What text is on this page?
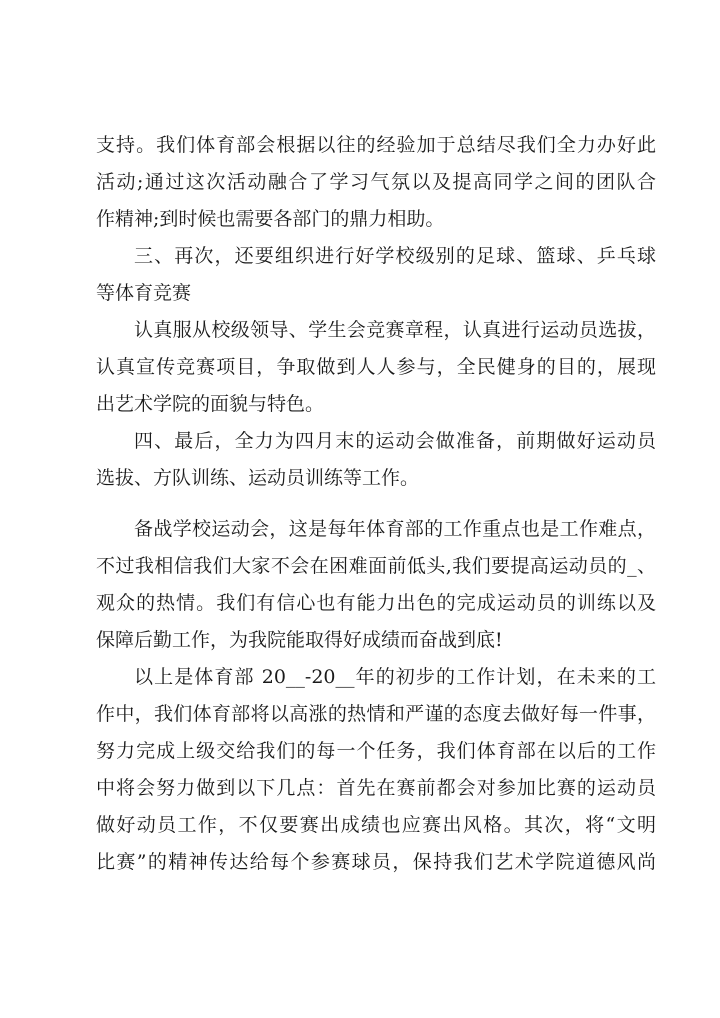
支持。我们体育部会根据以往的经验加于总结尽我们全力办好此
活动;通过这次活动融合了学习气氛以及提高同学之间的团队合
作精神;到时候也需要各部门的鼎力相助。
三、再次，还要组织进行好学校级别的足球、篮球、乒乓球
等体育竞赛
认真服从校级领导、学生会竞赛章程，认真进行运动员选拔，
认真宣传竞赛项目，争取做到人人参与，全民健身的目的，展现
出艺术学院的面貌与特色。
四、最后，全力为四月末的运动会做准备，前期做好运动员
选拔、方队训练、运动员训练等工作。
备战学校运动会，这是每年体育部的工作重点也是工作难点，
不过我相信我们大家不会在困难面前低头,我们要提高运动员的_、
观众的热情。我们有信心也有能力出色的完成运动员的训练以及
保障后勤工作，为我院能取得好成绩而奋战到底!
以上是体育部 20__-20__年的初步的工作计划，在未来的工
作中，我们体育部将以高涨的热情和严谨的态度去做好每一件事，
努力完成上级交给我们的每一个任务，我们体育部在以后的工作
中将会努力做到以下几点：首先在赛前都会对参加比赛的运动员
做好动员工作，不仅要赛出成绩也应赛出风格。其次，将“文明
比赛”的精神传达给每个参赛球员，保持我们艺术学院道德风尚
